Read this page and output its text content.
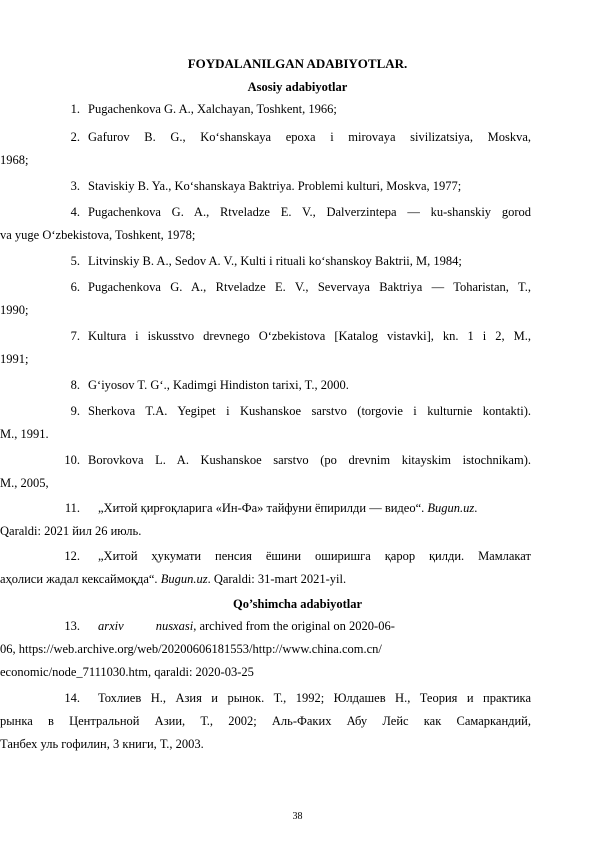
FOYDALANILGAN ADABIYOTLAR.
Asosiy adabiyotlar
1. Pugachenkova G. A., Xalchayan, Toshkent, 1966;
2. Gafurov B. G., Ko‘shanskaya epoxa i mirovaya sivilizatsiya, Moskva,
1968;
3. Staviskiy B. Ya., Ko‘shanskaya Baktriya. Problemi kulturi, Moskva, 1977;
4. Pugachenkova G. A., Rtveladze E. V., Dalverzintepa — ku-shanskiy gorod
va yuge O‘zbekistova, Toshkent, 1978;
5. Litvinskiy B. A., Sedov A. V., Kulti i rituali ko‘shanskoy Baktrii, M, 1984;
6. Pugachenkova G. A., Rtveladze E. V., Severvaya Baktriya — Toharistan, T.,
1990;
7. Kultura i iskusstvo drevnego O‘zbekistova [Katalog vistavki], kn. 1 i 2, M.,
1991;
8. G‘iyosov T. G‘., Kadimgi Hindiston tarixi, T., 2000.
9. Sherkova T.A. Yegipet i Kushanskoe sarstvo (torgovie i kulturnie kontakti).
M., 1991.
10. Borovkova L. A. Kushanskoe sarstvo (po drevnim kitayskim istochnikam).
M., 2005,
11. „Хитой қирғоқларига «Ин-Фа» тайфуни ёпирилди — видео“. Bugun.uz.
Qaraldi: 2021 йил 26 июль.
12. „Хитой ҳукумати пенсия ёшини оширишга қарор қилди. Мамлакат
аҳолиси жадал кексаймоқда“. Bugun.uz. Qaraldi: 31-mart 2021-yil.
Qo’shimcha adabiyotlar
13. arxiv	nusxasi, archived from the original on 2020-06-
06, https://web.archive.org/web/20200606181553/http://www.china.com.cn/
economic/node_7111030.htm, qaraldi: 2020-03-25
14. Тохлиев Н., Азия и рынок. Т., 1992; Юлдашев Н., Теория и практика
рынка в Центральной Азии, Т., 2002; Аль-Факих Абу Лейс как Самаркандий,
Танбех уль гофилин, 3 книги, Т., 2003.
38
